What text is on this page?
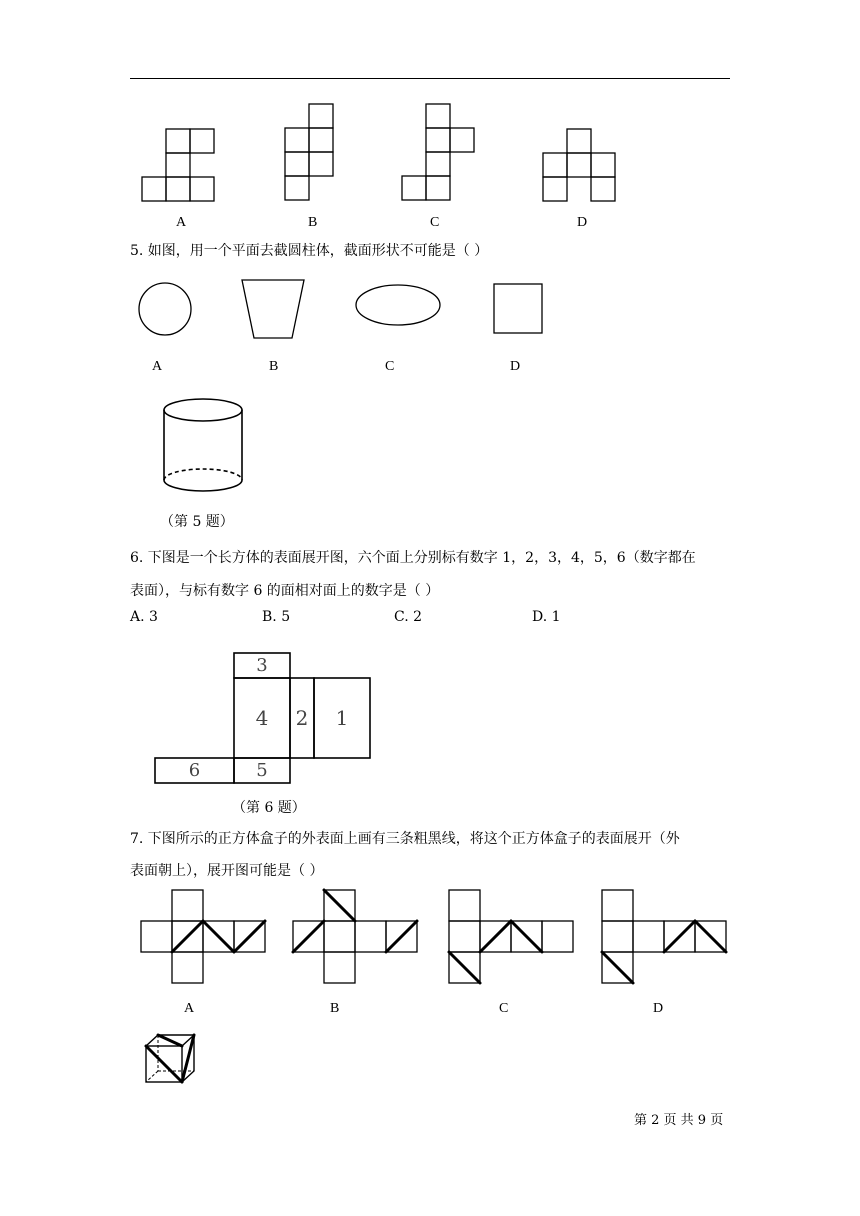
A	B	C	D
5. 如图，用一个平面去截圆柱体，截面形状不可能是（ ）
A	B	C	D
（第 5 题）
6. 下图是一个长方体的表面展开图，六个面上分别标有数字 1，2，3，4，5，6（数字都在
表面），与标有数字 6 的面相对面上的数字是（ ）
A. 3	B. 5	C. 2	D. 1
3
4	2	1
6	5
（第 6 题）
7. 下图所示的正方体盒子的外表面上画有三条粗黑线，将这个正方体盒子的表面展开（外
表面朝上），展开图可能是（ ）
A	B	C	D
第 2 页 共 9 页
